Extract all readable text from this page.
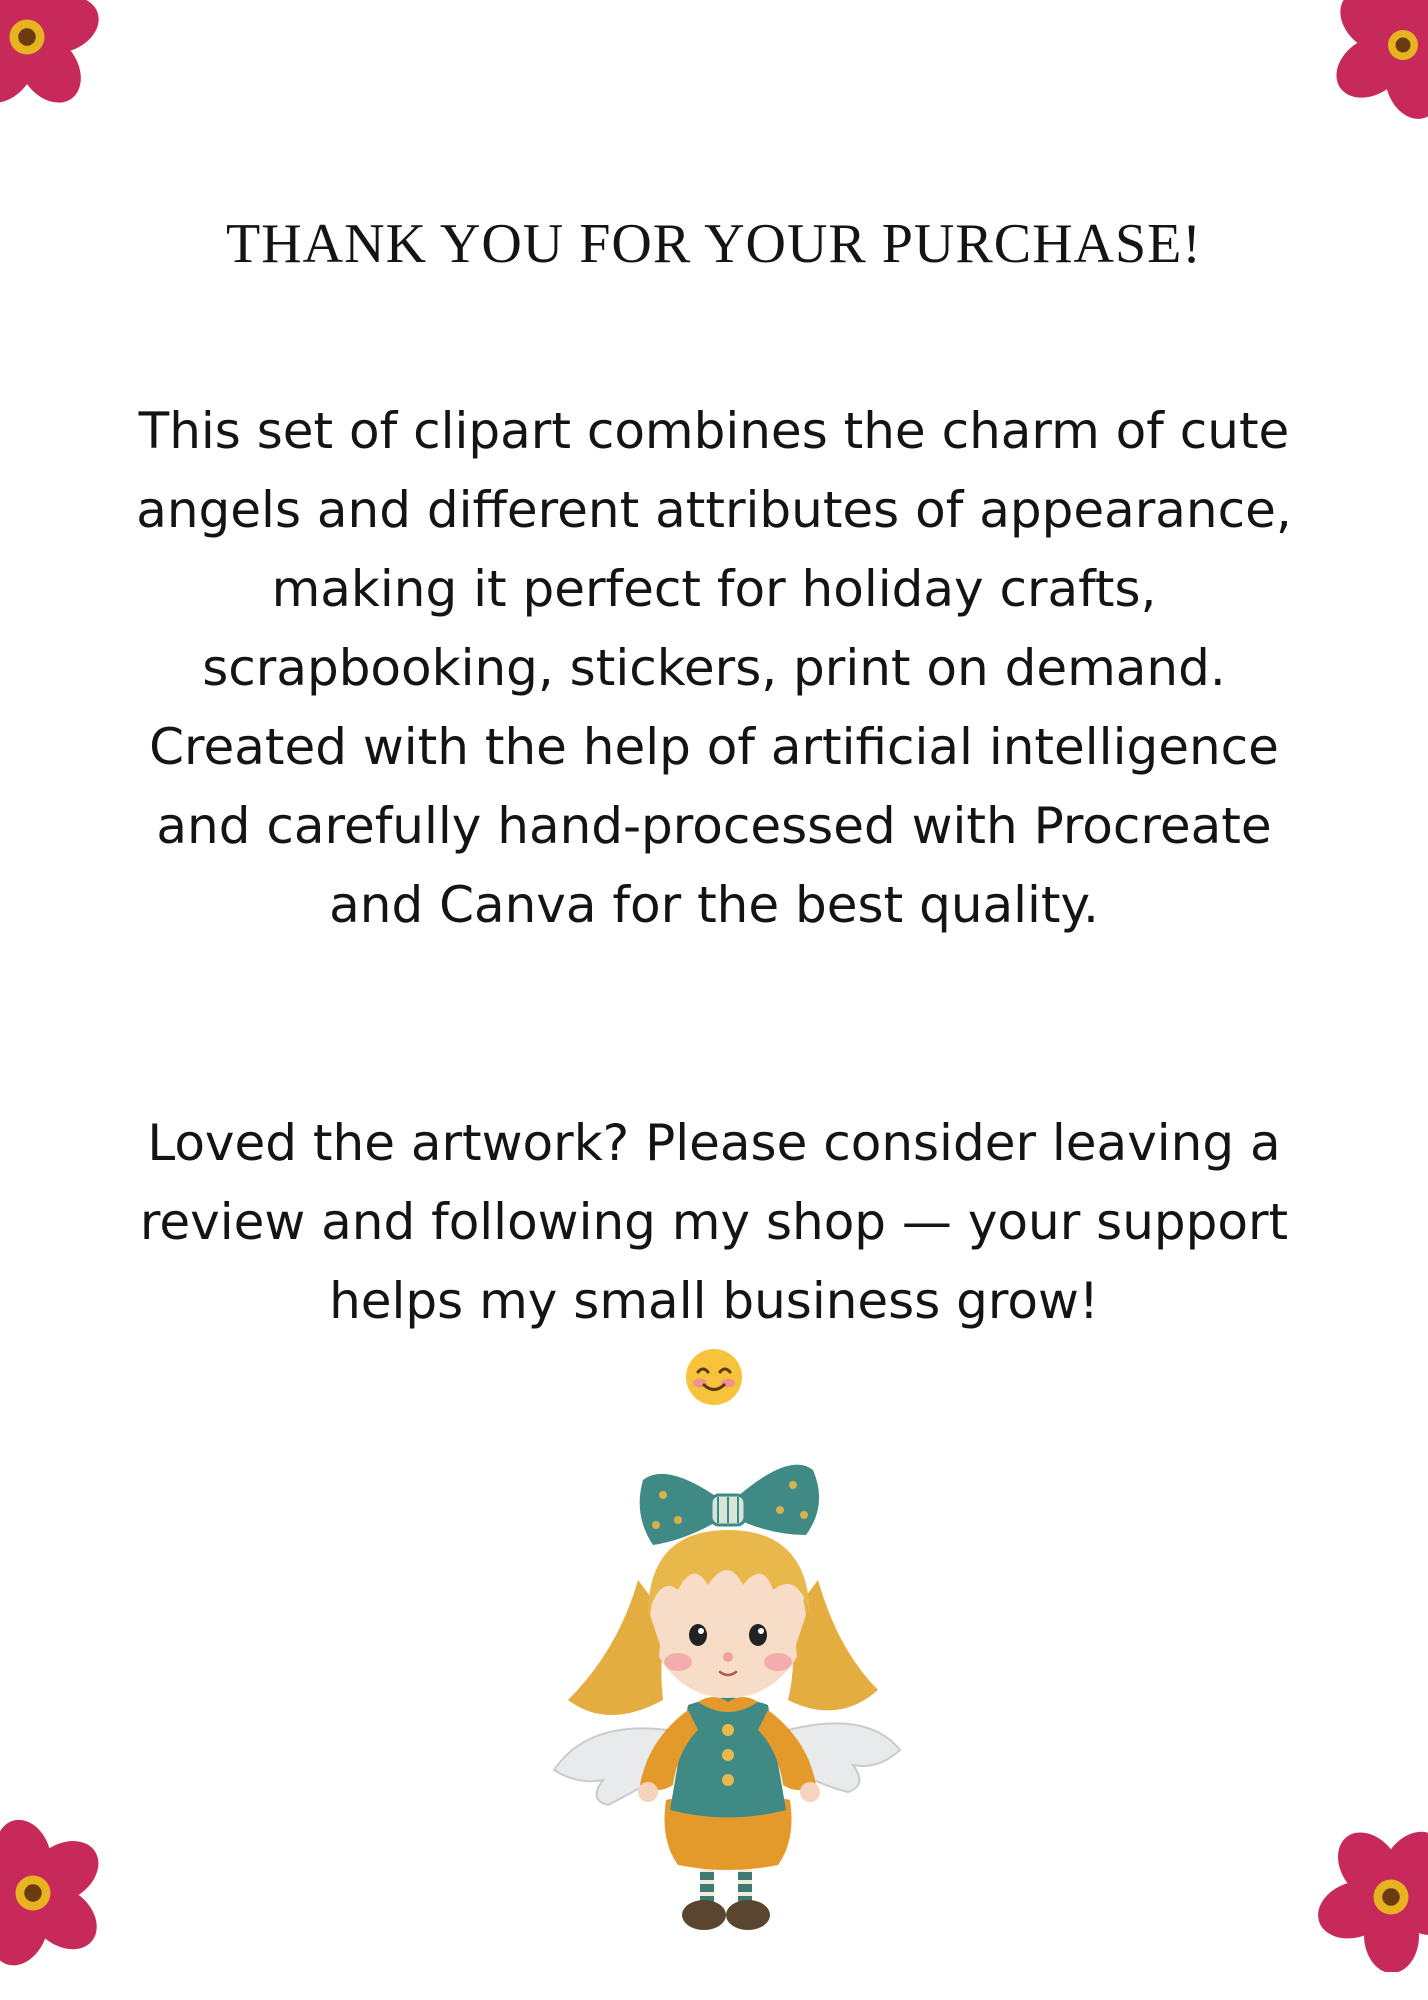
THANK YOU FOR YOUR PURCHASE!
This set of clipart combines the charm of cute angels and different attributes of appearance, making it perfect for holiday crafts, scrapbooking, stickers, print on demand. Created with the help of artificial intelligence and carefully hand-processed with Procreate and Canva for the best quality.
Loved the artwork? Please consider leaving a review and following my shop — your support helps my small business grow!
